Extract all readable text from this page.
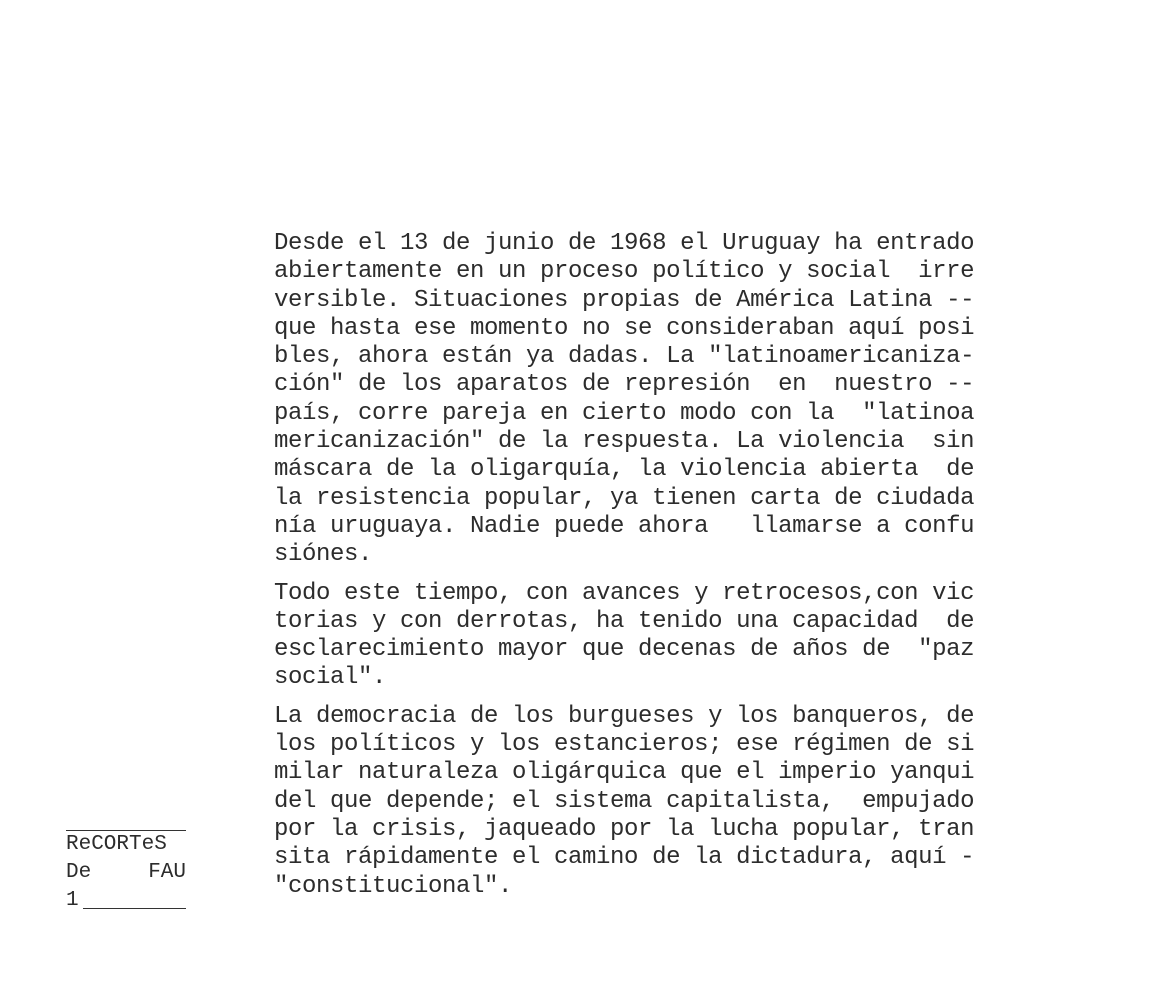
Desde el 13 de junio de 1968 el Uruguay ha entrado
abiertamente en un proceso político y social  irre
versible. Situaciones propias de América Latina --
que hasta ese momento no se consideraban aquí posi
bles, ahora están ya dadas. La "latinoamericaniza-
ción" de los aparatos de represión  en  nuestro --
país, corre pareja en cierto modo con la  "latinoa
mericanización" de la respuesta. La violencia  sin
máscara de la oligarquía, la violencia abierta  de
la resistencia popular, ya tienen carta de ciudada
nía uruguaya. Nadie puede ahora   llamarse a confu
siónes.
Todo este tiempo, con avances y retrocesos,con vic
torias y con derrotas, ha tenido una capacidad  de
esclarecimiento mayor que decenas de años de  "paz
social".
La democracia de los burgueses y los banqueros, de
los políticos y los estancieros; ese régimen de si
milar naturaleza oligárquica que el imperio yanqui
del que depende; el sistema capitalista,  empujado
por la crisis, jaqueado por la lucha popular, tran
sita rápidamente el camino de la dictadura, aquí -
"constitucional".
ReCORTeS
De	FAU
1
